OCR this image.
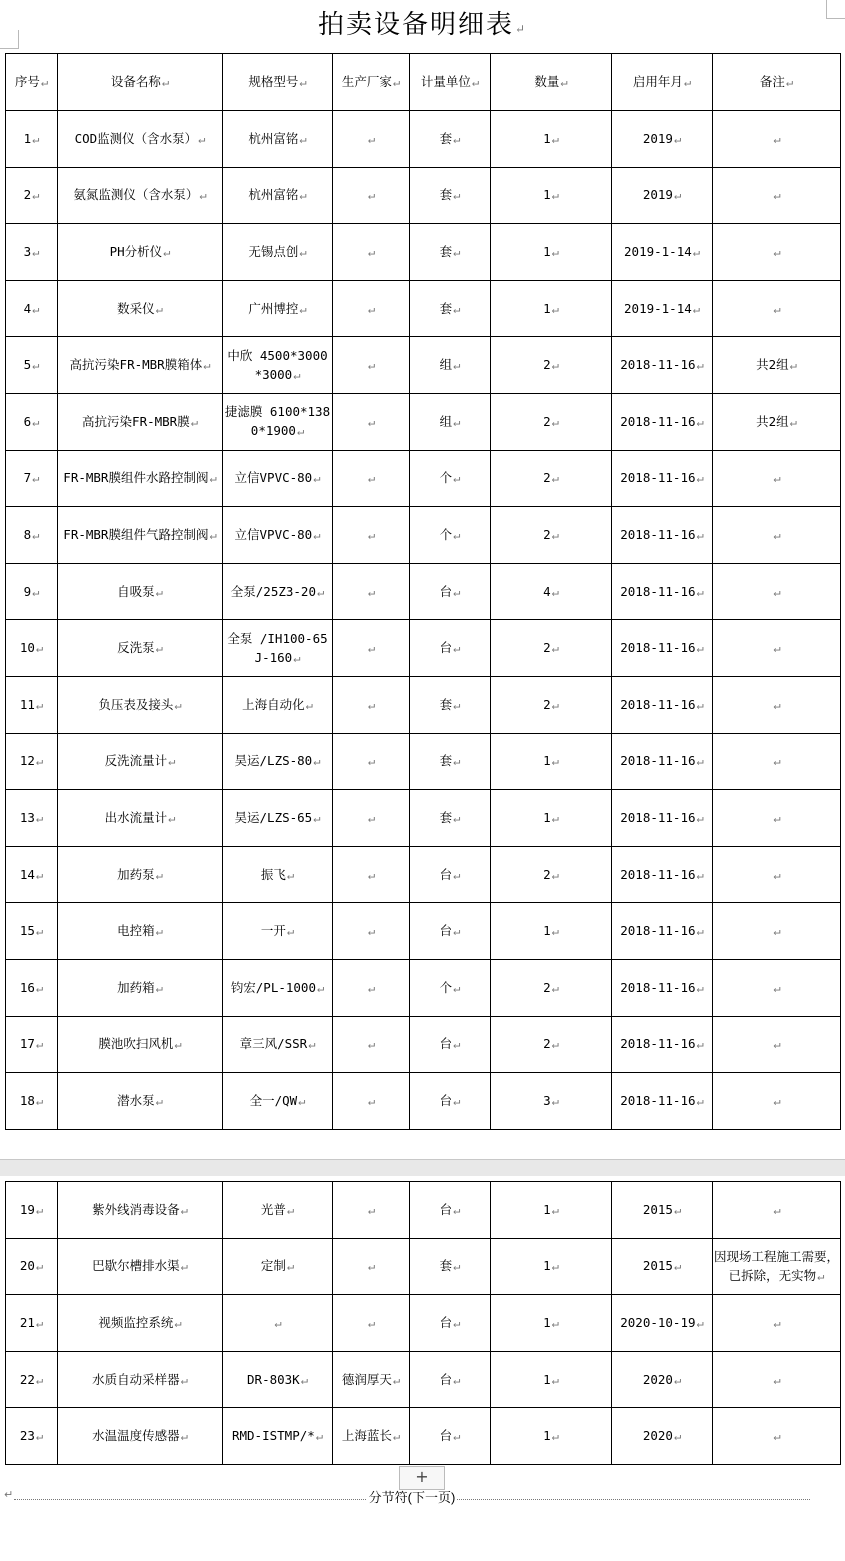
拍卖设备明细表↵
序号↵	设备名称↵	规格型号↵	生产厂家↵	计量单位↵	数量↵	启用年月↵	备注↵
1↵	COD监测仪（含水泵）↵	杭州富铭↵	↵	套↵	1↵	2019↵	↵
2↵	氨氮监测仪（含水泵）↵	杭州富铭↵	↵	套↵	1↵	2019↵	↵
3↵	PH分析仪↵	无锡点创↵	↵	套↵	1↵	2019-1-14↵	↵
4↵	数采仪↵	广州博控↵	↵	套↵	1↵	2019-1-14↵	↵
5↵	高抗污染FR-MBR膜箱体↵	中欣 4500*3000*3000↵	↵	组↵	2↵	2018-11-16↵	共2组↵
6↵	高抗污染FR-MBR膜↵	捷滤膜 6100*1380*1900↵	↵	组↵	2↵	2018-11-16↵	共2组↵
7↵	FR-MBR膜组件水路控制阀↵	立信VPVC-80↵	↵	个↵	2↵	2018-11-16↵	↵
8↵	FR-MBR膜组件气路控制阀↵	立信VPVC-80↵	↵	个↵	2↵	2018-11-16↵	↵
9↵	自吸泵↵	全泵/25Z3-20↵	↵	台↵	4↵	2018-11-16↵	↵
10↵	反洗泵↵	全泵 /IH100-65J-160↵	↵	台↵	2↵	2018-11-16↵	↵
11↵	负压表及接头↵	上海自动化↵	↵	套↵	2↵	2018-11-16↵	↵
12↵	反洗流量计↵	昊运/LZS-80↵	↵	套↵	1↵	2018-11-16↵	↵
13↵	出水流量计↵	昊运/LZS-65↵	↵	套↵	1↵	2018-11-16↵	↵
14↵	加药泵↵	振飞↵	↵	台↵	2↵	2018-11-16↵	↵
15↵	电控箱↵	一开↵	↵	台↵	1↵	2018-11-16↵	↵
16↵	加药箱↵	钧宏/PL-1000↵	↵	个↵	2↵	2018-11-16↵	↵
17↵	膜池吹扫风机↵	章三风/SSR↵	↵	台↵	2↵	2018-11-16↵	↵
18↵	潜水泵↵	全一/QW↵	↵	台↵	3↵	2018-11-16↵	↵
19↵	紫外线消毒设备↵	光普↵	↵	台↵	1↵	2015↵	↵
20↵	巴歇尔槽排水渠↵	定制↵	↵	套↵	1↵	2015↵	因现场工程施工需要，已拆除，无实物↵
21↵	视频监控系统↵	↵	↵	台↵	1↵	2020-10-19↵	↵
22↵	水质自动采样器↵	DR-803K↵	德润厚天↵	台↵	1↵	2020↵	↵
23↵	水温温度传感器↵	RMD-ISTMP/*↵	上海蓝长↵	台↵	1↵	2020↵	↵
+
↵	分节符(下一页)
